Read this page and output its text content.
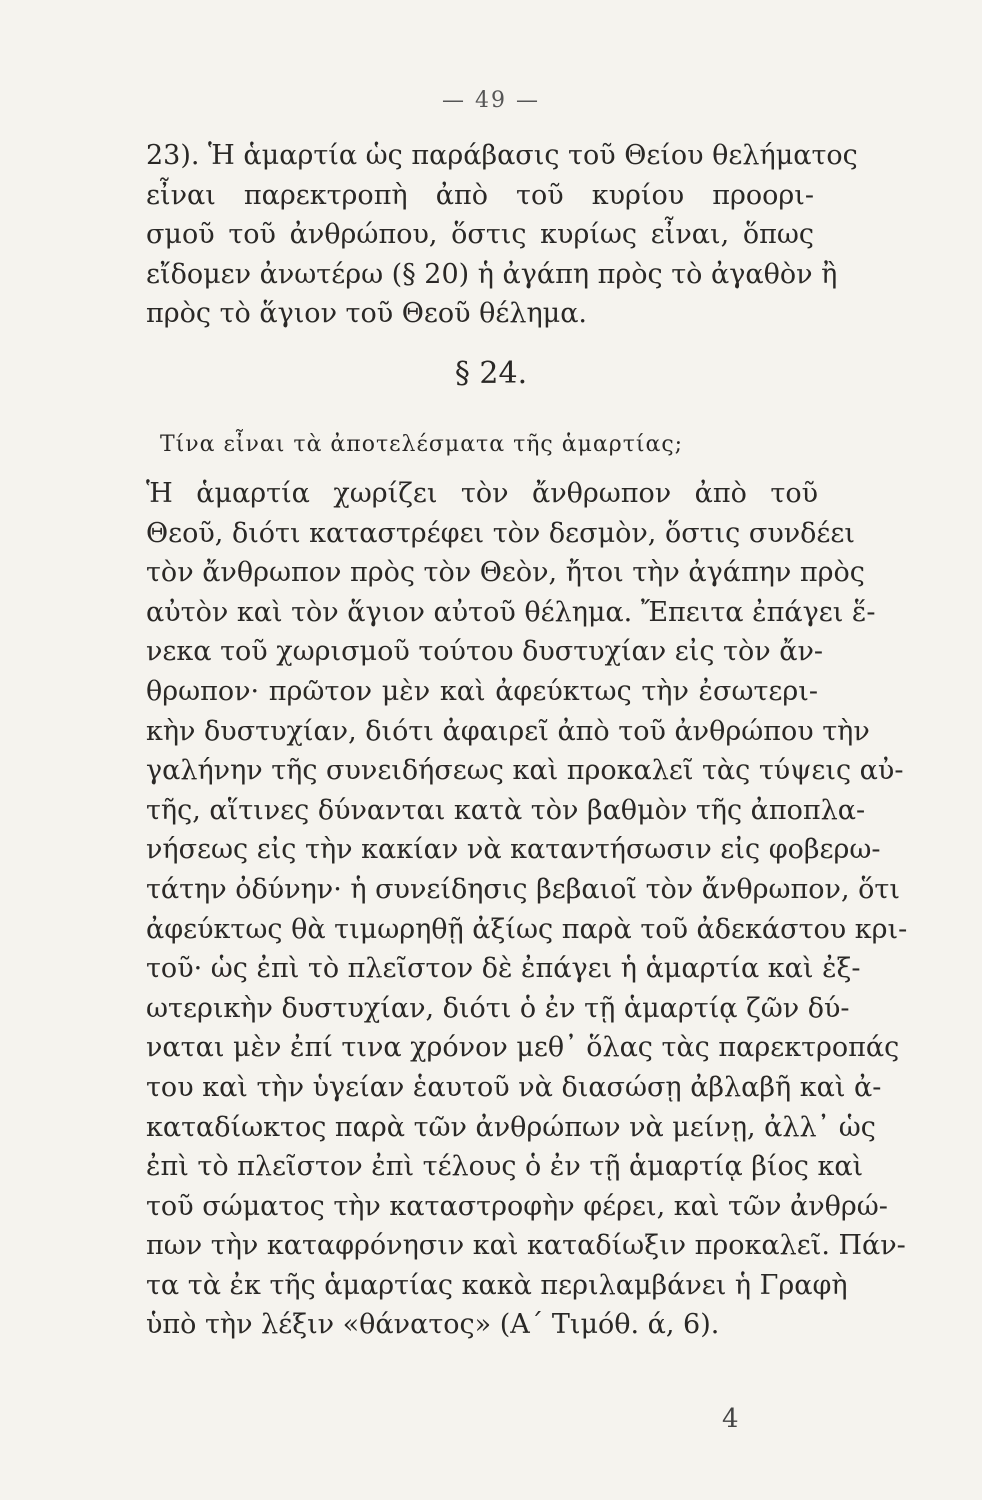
— 49 —
23). Ἡ ἁμαρτία ὡς παράβασις τοῦ Θείου θελήματος
εἶναι παρεκτροπὴ ἀπὸ τοῦ κυρίου προορι-
σμοῦ τοῦ ἀνθρώπου, ὅστις κυρίως εἶναι, ὅπως
εἴδομεν ἀνωτέρω (§ 20) ἡ ἀγάπη πρὸς τὸ ἀγαθὸν ἢ
πρὸς τὸ ἅγιον τοῦ Θεοῦ θέλημα.
§ 24.
Τίνα εἶναι τὰ ἀποτελέσματα τῆς ἁμαρτίας;
Ἡ ἁμαρτία χωρίζει τὸν ἄνθρωπον ἀπὸ τοῦ
Θεοῦ, διότι καταστρέφει τὸν δεσμὸν, ὅστις συνδέει
τὸν ἄνθρωπον πρὸς τὸν Θεὸν, ἤτοι τὴν ἀγάπην πρὸς
αὐτὸν καὶ τὸν ἅγιον αὐτοῦ θέλημα. Ἔπειτα ἐπάγει ἕ-
νεκα τοῦ χωρισμοῦ τούτου δυστυχίαν εἰς τὸν ἄν-
θρωπον· πρῶτον μὲν καὶ ἀφεύκτως τὴν ἐσωτερι-
κὴν δυστυχίαν, διότι ἀφαιρεῖ ἀπὸ τοῦ ἀνθρώπου τὴν
γαλήνην τῆς συνειδήσεως καὶ προκαλεῖ τὰς τύψεις αὐ-
τῆς, αἵτινες δύνανται κατὰ τὸν βαθμὸν τῆς ἀποπλα-
νήσεως εἰς τὴν κακίαν νὰ καταντήσωσιν εἰς φοβερω-
τάτην ὀδύνην· ἡ συνείδησις βεβαιοῖ τὸν ἄνθρωπον, ὅτι
ἀφεύκτως θὰ τιμωρηθῇ ἀξίως παρὰ τοῦ ἀδεκάστου κρι-
τοῦ· ὡς ἐπὶ τὸ πλεῖστον δὲ ἐπάγει ἡ ἁμαρτία καὶ ἐξ-
ωτερικὴν δυστυχίαν, διότι ὁ ἐν τῇ ἁμαρτίᾳ ζῶν δύ-
ναται μὲν ἐπί τινα χρόνον μεθ᾽ ὅλας τὰς παρεκτροπάς
του καὶ τὴν ὑγείαν ἑαυτοῦ νὰ διασώσῃ ἀβλαβῆ καὶ ἀ-
καταδίωκτος παρὰ τῶν ἀνθρώπων νὰ μείνῃ, ἀλλ᾽ ὡς
ἐπὶ τὸ πλεῖστον ἐπὶ τέλους ὁ ἐν τῇ ἁμαρτίᾳ βίος καὶ
τοῦ σώματος τὴν καταστροφὴν φέρει, καὶ τῶν ἀνθρώ-
πων τὴν καταφρόνησιν καὶ καταδίωξιν προκαλεῖ. Πάν-
τα τὰ ἐκ τῆς ἁμαρτίας κακὰ περιλαμβάνει ἡ Γραφὴ
ὑπὸ τὴν λέξιν «θάνατος» (Α΄ Τιμόθ. ά, 6).
4
